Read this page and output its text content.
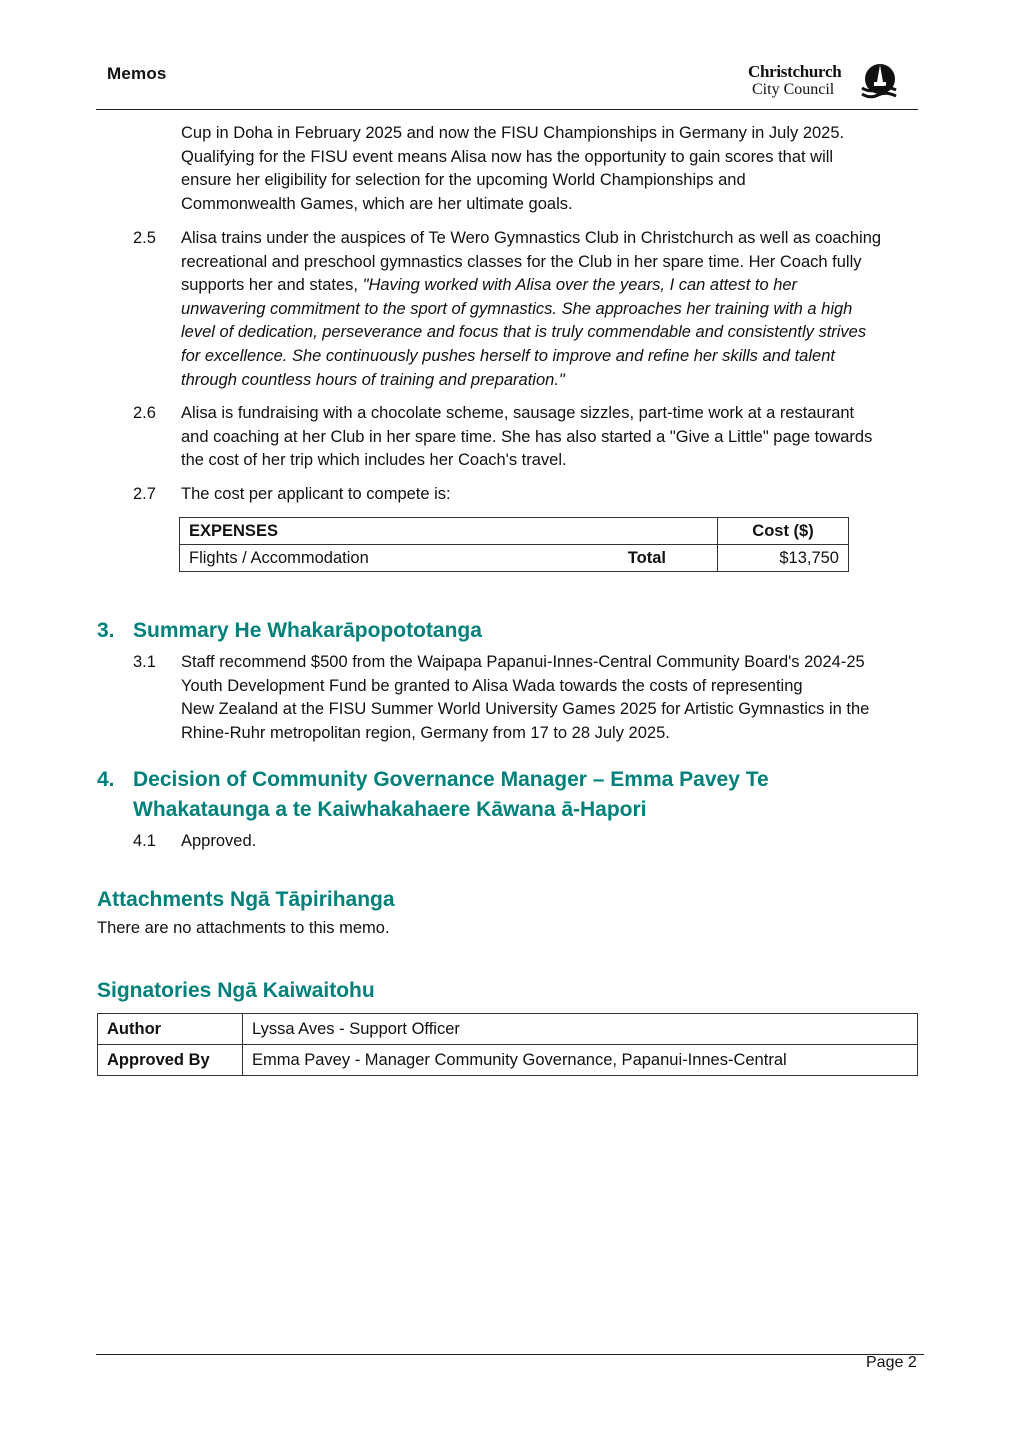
Memos	Christchurch
City Council
Cup in Doha in February 2025 and now the FISU Championships in Germany in July 2025.
Qualifying for the FISU event means Alisa now has the opportunity to gain scores that will
ensure her eligibility for selection for the upcoming World Championships and
Commonwealth Games, which are her ultimate goals.
2.5 Alisa trains under the auspices of Te Wero Gymnastics Club in Christchurch as well as coaching
recreational and preschool gymnastics classes for the Club in her spare time. Her Coach fully
supports her and states, "Having worked with Alisa over the years, I can attest to her
unwavering commitment to the sport of gymnastics. She approaches her training with a high
level of dedication, perseverance and focus that is truly commendable and consistently strives
for excellence. She continuously pushes herself to improve and refine her skills and talent
through countless hours of training and preparation."
2.6 Alisa is fundraising with a chocolate scheme, sausage sizzles, part-time work at a restaurant
and coaching at her Club in her spare time. She has also started a "Give a Little" page towards
the cost of her trip which includes her Coach's travel.
2.7 The cost per applicant to compete is:
EXPENSES	Cost ($)
Flights / Accommodation Total	$13,750
3. Summary He Whakarāpopototanga
3.1 Staff recommend $500 from the Waipapa Papanui-Innes-Central Community Board's 2024-25
Youth Development Fund be granted to Alisa Wada towards the costs of representing
New Zealand at the FISU Summer World University Games 2025 for Artistic Gymnastics in the
Rhine-Ruhr metropolitan region, Germany from 17 to 28 July 2025.
4. Decision of Community Governance Manager – Emma Pavey Te
Whakataunga a te Kaiwhakahaere Kāwana ā-Hapori
4.1 Approved.
Attachments Ngā Tāpirihanga
There are no attachments to this memo.
Signatories Ngā Kaiwaitohu
Author	Lyssa Aves - Support Officer
Approved By	Emma Pavey - Manager Community Governance, Papanui-Innes-Central
Page 2
